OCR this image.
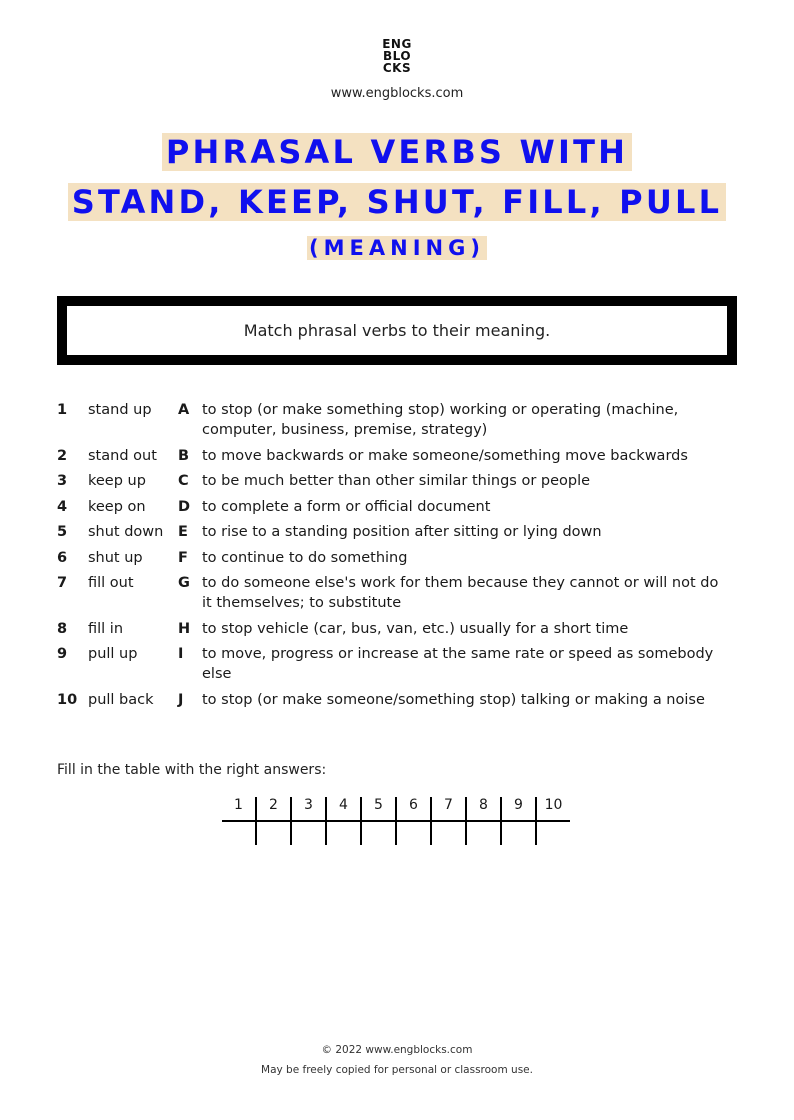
ENG
BLO
CKS
www.engblocks.com
PHRASAL VERBS WITH
STAND, KEEP, SHUT, FILL, PULL
(MEANING)
Match phrasal verbs to their meaning.
1	stand up	A to stop (or make something stop) working or operating (machine, computer, business, premise, strategy)
2	stand out	B to move backwards or make someone/something move backwards
3	keep up	C to be much better than other similar things or people
4	keep on	D to complete a form or official document
5	shut down	E to rise to a standing position after sitting or lying down
6	shut up	F to continue to do something
7	fill out	G to do someone else's work for them because they cannot or will not do it themselves; to substitute
8	fill in	H to stop vehicle (car, bus, van, etc.) usually for a short time
9	pull up	I	to move, progress or increase at the same rate or speed as somebody else
10 pull back	J	to stop (or make someone/something stop) talking or making a noise
Fill in the table with the right answers:
1	2	3	4	5	6	7	8	9	10

© 2022 www.engblocks.com
May be freely copied for personal or classroom use.
